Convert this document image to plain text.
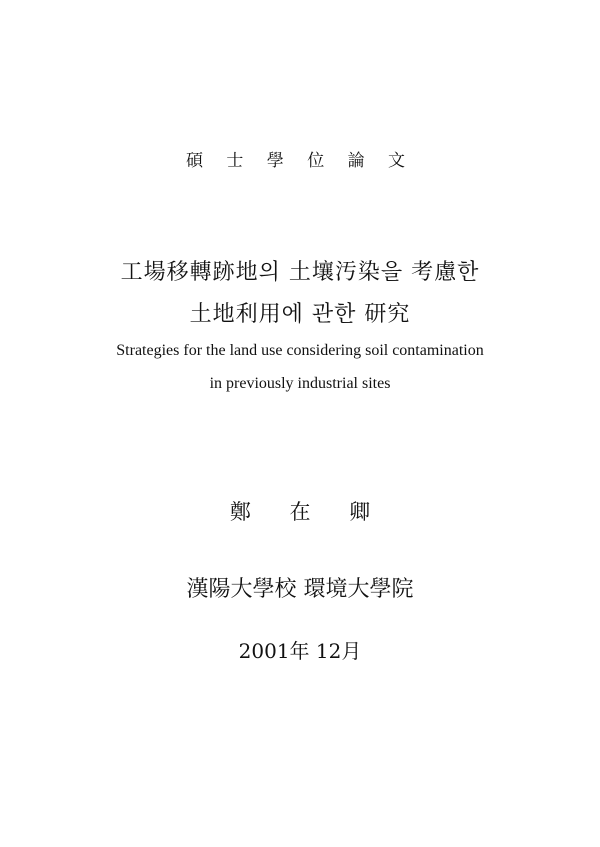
碩 士 學 位 論 文
工場移轉跡地의 土壤汚染을 考慮한
土地利用에 관한 研究
Strategies for the land use considering soil contamination
in previously industrial sites
鄭 在 卿
漢陽大學校 環境大學院
2001年 12月
